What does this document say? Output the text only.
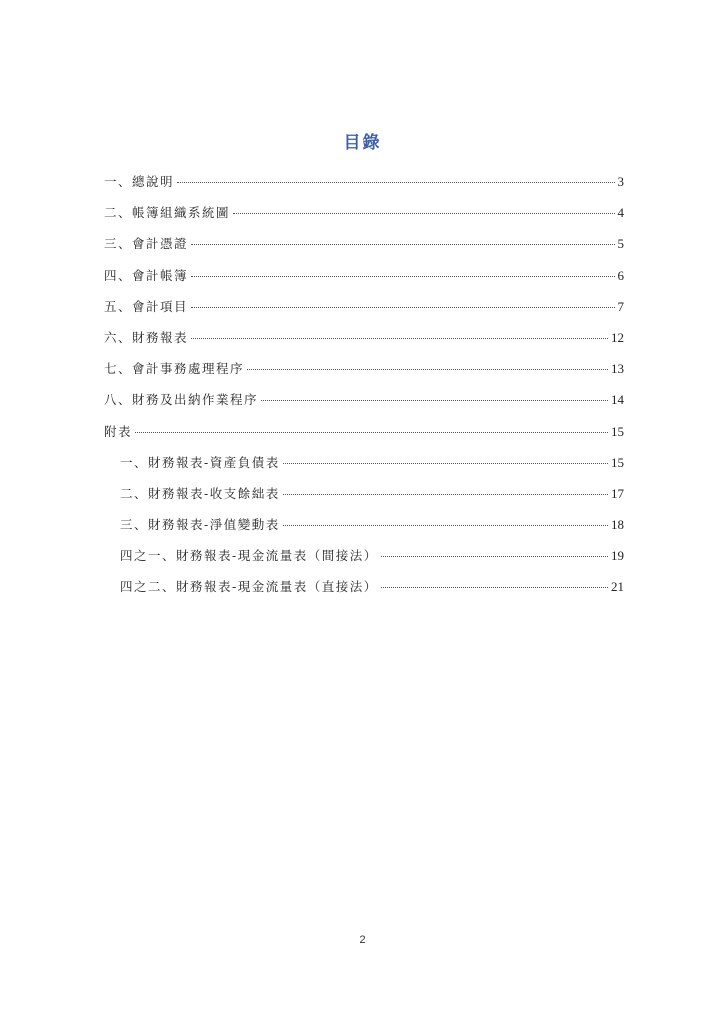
目錄
一、總說明	3
二、帳簿組織系統圖	4
三、會計憑證	5
四、會計帳簿	6
五、會計項目	7
六、財務報表	12
七、會計事務處理程序	13
八、財務及出納作業程序	14
附表	15
一、財務報表-資產負債表	15
二、財務報表-收支餘絀表	17
三、財務報表-淨值變動表	18
四之一、財務報表-現金流量表（間接法）	19
四之二、財務報表-現金流量表（直接法）	21
2
